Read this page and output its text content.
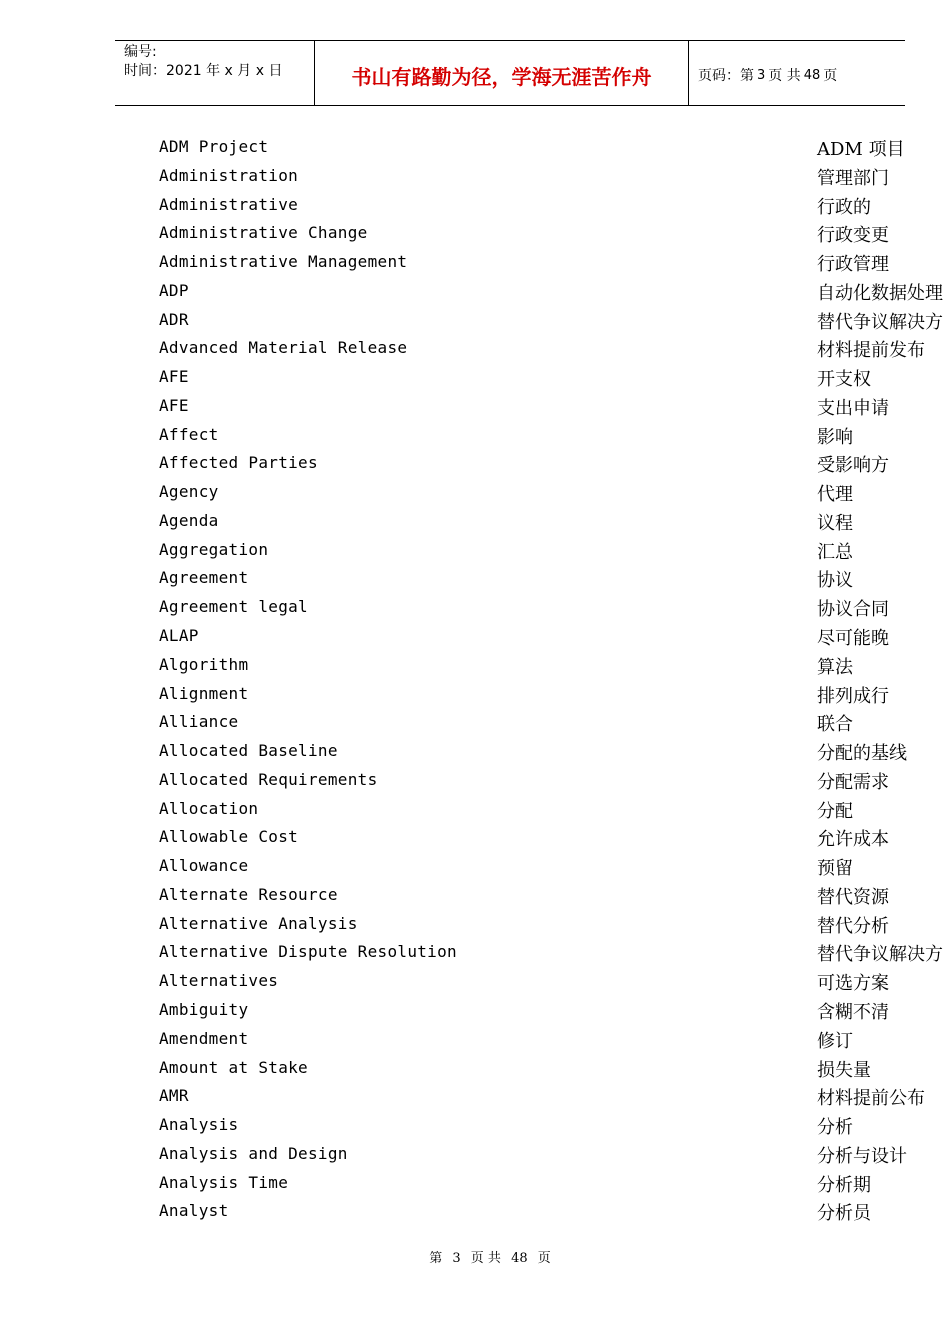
编号:
时间：2021 年 x 月 x 日	书山有路勤为径，学海无涯苦作舟	页码：第 3 页 共 48 页
ADM Project	ADM 项目
Administration	管理部门
Administrative	行政的
Administrative Change	行政变更
Administrative Management	行政管理
ADP	自动化数据处理
ADR	替代争议解决方
Advanced Material Release	材料提前发布
AFE	开支权
AFE	支出申请
Affect	影响
Affected Parties	受影响方
Agency	代理
Agenda	议程
Aggregation	汇总
Agreement	协议
Agreement legal	协议合同
ALAP	尽可能晚
Algorithm	算法
Alignment	排列成行
Alliance	联合
Allocated Baseline	分配的基线
Allocated Requirements	分配需求
Allocation	分配
Allowable Cost	允许成本
Allowance	预留
Alternate Resource	替代资源
Alternative Analysis	替代分析
Alternative Dispute Resolution	替代争议解决方
Alternatives	可选方案
Ambiguity	含糊不清
Amendment	修订
Amount at Stake	损失量
AMR	材料提前公布
Analysis	分析
Analysis and Design	分析与设计
Analysis Time	分析期
Analyst	分析员
第 3 页 共 48 页
